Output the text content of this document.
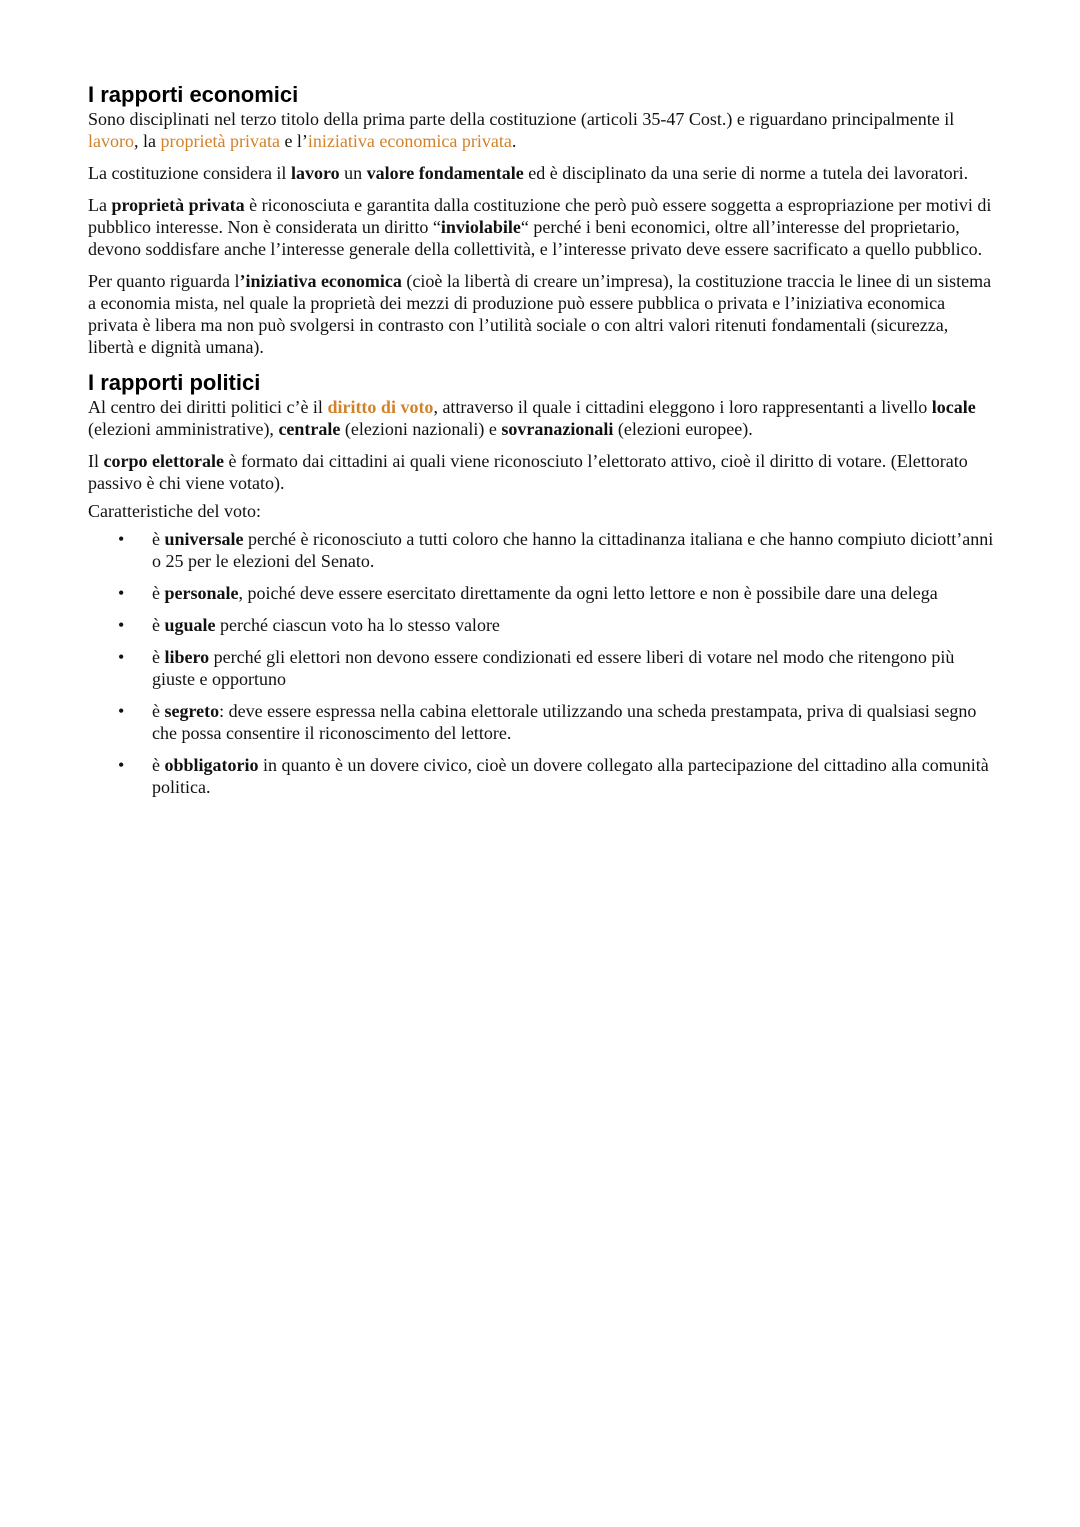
I rapporti economici

Sono disciplinati nel terzo titolo della prima parte della costituzione (articoli 35-47 Cost.) e riguardano principalmente il lavoro, la proprietà privata e l’iniziativa economica privata.

La costituzione considera il lavoro un valore fondamentale ed è disciplinato da una serie di norme a tutela dei lavoratori.

La proprietà privata è riconosciuta e garantita dalla costituzione che però può essere soggetta a espropriazione per motivi di pubblico interesse. Non è considerata un diritto “inviolabile“ perché i beni economici, oltre all’interesse del proprietario, devono soddisfare anche l’interesse generale della collettività, e l’interesse privato deve essere sacrificato a quello pubblico.

Per quanto riguarda l’iniziativa economica (cioè la libertà di creare un’impresa), la costituzione traccia le linee di un sistema a economia mista, nel quale la proprietà dei mezzi di produzione può essere pubblica o privata e l’iniziativa economica privata è libera ma non può svolgersi in contrasto con l’utilità sociale o con altri valori ritenuti fondamentali (sicurezza, libertà e dignità umana).

I rapporti politici

Al centro dei diritti politici c’è il diritto di voto, attraverso il quale i cittadini eleggono i loro rappresentanti a livello locale (elezioni amministrative), centrale (elezioni nazionali) e sovranazionali (elezioni europee).

Il corpo elettorale è formato dai cittadini ai quali viene riconosciuto l’elettorato attivo, cioè il diritto di votare. (Elettorato passivo è chi viene votato).

Caratteristiche del voto:

• è universale perché è riconosciuto a tutti coloro che hanno la cittadinanza italiana e che hanno compiuto diciott’anni o 25 per le elezioni del Senato.
• è personale, poiché deve essere esercitato direttamente da ogni letto lettore e non è possibile dare una delega
• è uguale perché ciascun voto ha lo stesso valore
• è libero perché gli elettori non devono essere condizionati ed essere liberi di votare nel modo che ritengono più giuste e opportuno
• è segreto: deve essere espressa nella cabina elettorale utilizzando una scheda prestampata, priva di qualsiasi segno che possa consentire il riconoscimento del lettore.
• è obbligatorio in quanto è un dovere civico, cioè un dovere collegato alla partecipazione del cittadino alla comunità politica.
